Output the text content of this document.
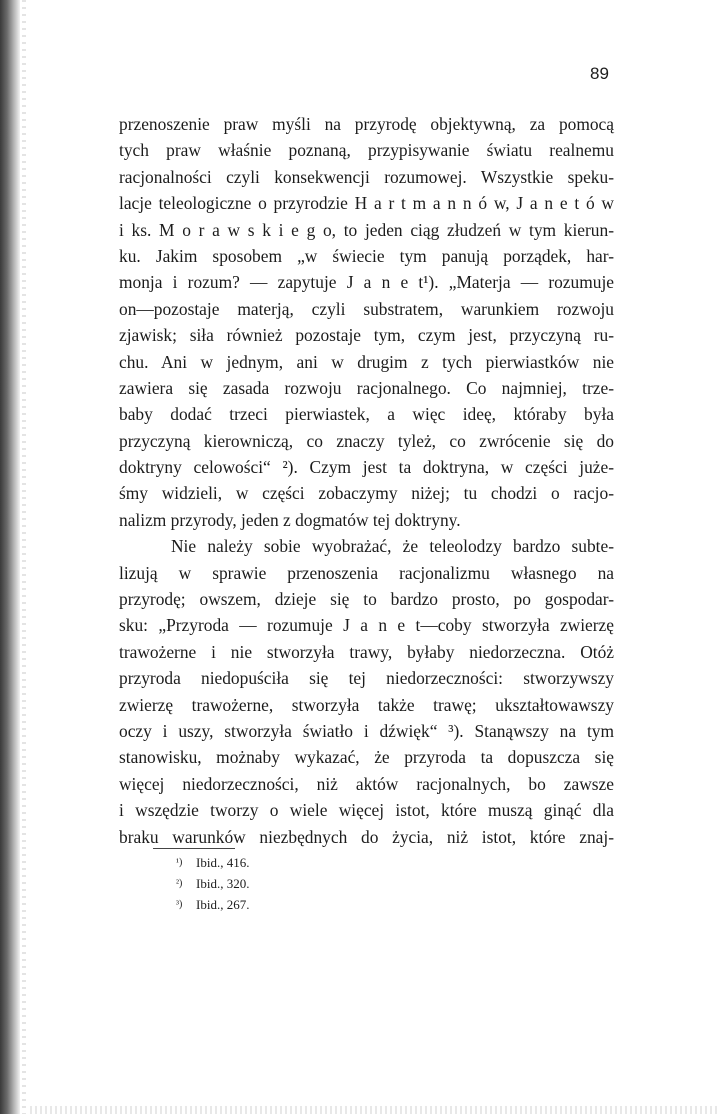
89
przenoszenie praw myśli na przyrodę objektywną, za pomocą
tych praw właśnie poznaną, przypisywanie światu realnemu
racjonalności czyli konsekwencji rozumowej. Wszystkie speku-
lacje teleologiczne o przyrodzie H a r t m a n n ó w, J a n e t ó w
i ks. M o r a w s k i e g o, to jeden ciąg złudzeń w tym kierun-
ku. Jakim sposobem „w świecie tym panują porządek, har-
monja i rozum? — zapytuje J a n e t¹). „Materja — rozumuje
on—pozostaje materją, czyli substratem, warunkiem rozwoju
zjawisk; siła również pozostaje tym, czym jest, przyczyną ru-
chu. Ani w jednym, ani w drugim z tych pierwiastków nie
zawiera się zasada rozwoju racjonalnego. Co najmniej, trze-
baby dodać trzeci pierwiastek, a więc ideę, któraby była
przyczyną kierowniczą, co znaczy tyleż, co zwrócenie się do
doktryny celowości“ ²). Czym jest ta doktryna, w części juże-
śmy widzieli, w części zobaczymy niżej; tu chodzi o racjo-
nalizm przyrody, jeden z dogmatów tej doktryny.
Nie należy sobie wyobrażać, że teleolodzy bardzo subte-
lizują w sprawie przenoszenia racjonalizmu własnego na
przyrodę; owszem, dzieje się to bardzo prosto, po gospodar-
sku: „Przyroda — rozumuje J a n e t—coby stworzyła zwierzę
trawożerne i nie stworzyła trawy, byłaby niedorzeczna. Otóż
przyroda niedopuściła się tej niedorzeczności: stworzywszy
zwierzę trawożerne, stworzyła także trawę; ukształtowawszy
oczy i uszy, stworzyła światło i dźwięk“ ³). Stanąwszy na tym
stanowisku, możnaby wykazać, że przyroda ta dopuszcza się
więcej niedorzeczności, niż aktów racjonalnych, bo zawsze
i wszędzie tworzy o wiele więcej istot, które muszą ginąć dla
braku warunków niezbędnych do życia, niż istot, które znaj-
¹) Ibid., 416.
²) Ibid., 320.
³) Ibid., 267.
